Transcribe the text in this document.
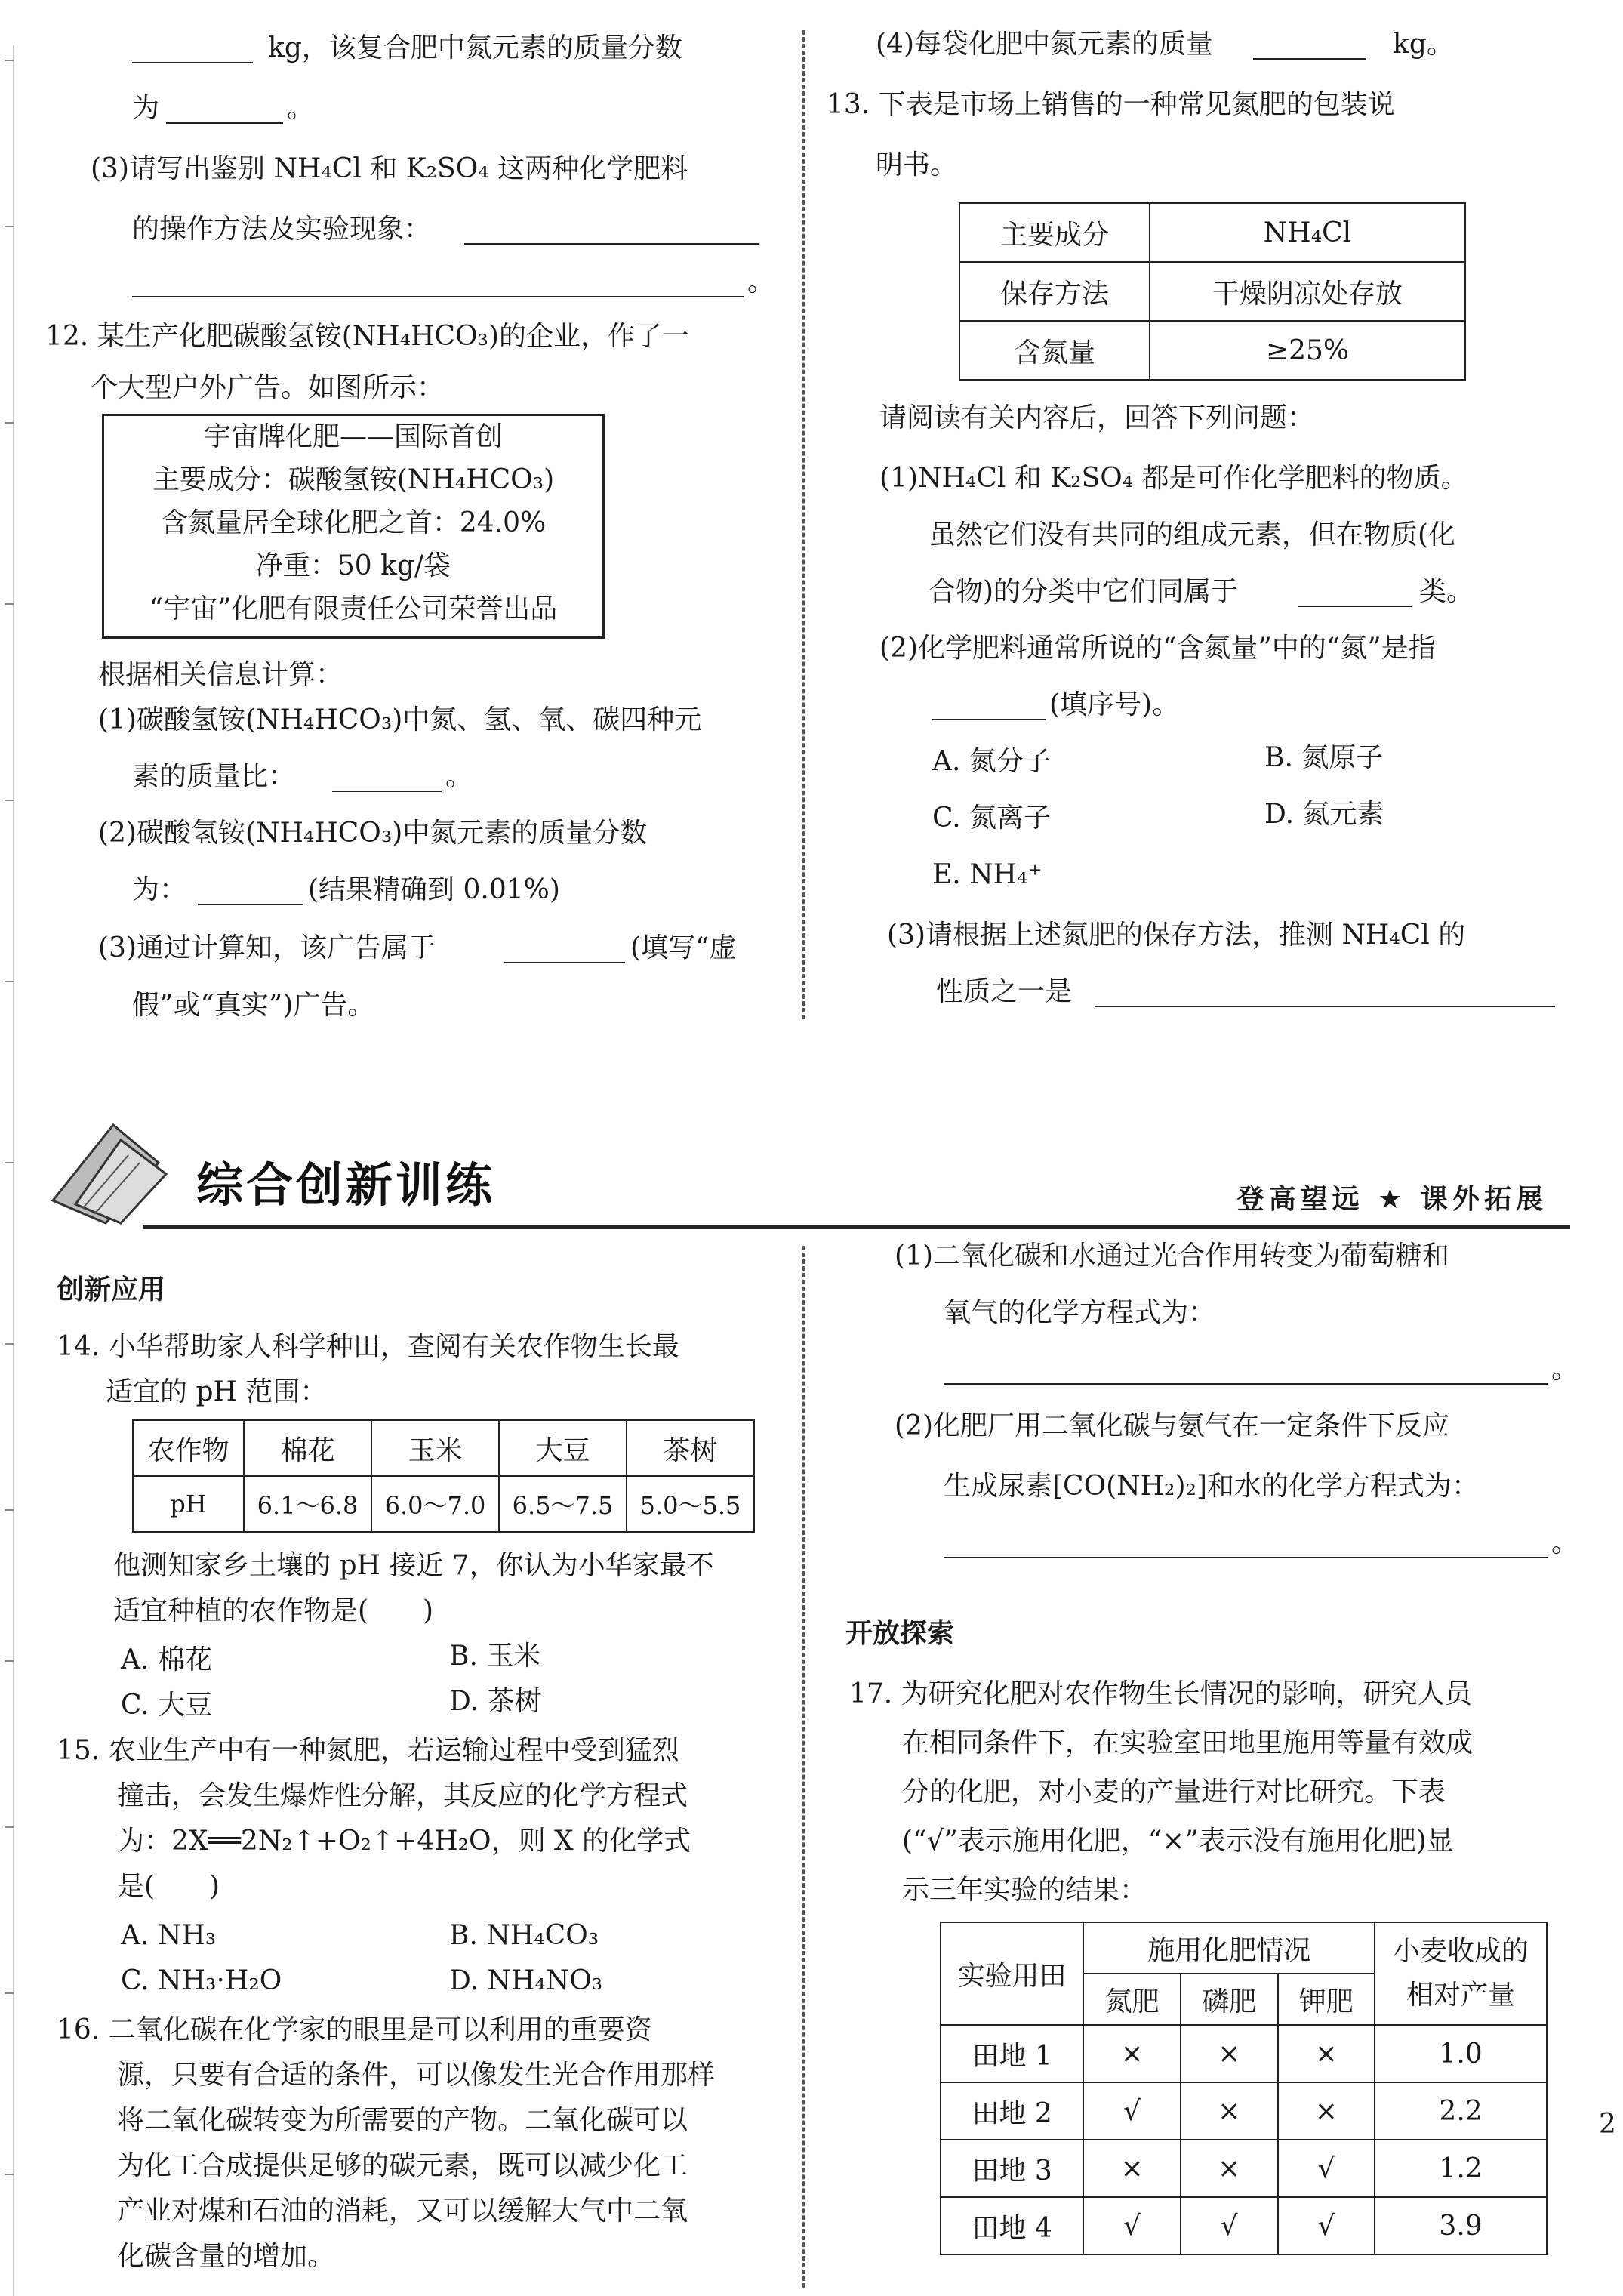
kg，该复合肥中氮元素的质量分数
为	。
(3)请写出鉴别 NH₄Cl 和 K₂SO₄ 这两种化学肥料
的操作方法及实验现象：
。
12. 某生产化肥碳酸氢铵(NH₄HCO₃)的企业，作了一
个大型户外广告。如图所示：
宇宙牌化肥——国际首创
主要成分：碳酸氢铵(NH₄HCO₃)
含氮量居全球化肥之首：24.0%
净重：50 kg/袋
“宇宙”化肥有限责任公司荣誉出品
根据相关信息计算：
(1)碳酸氢铵(NH₄HCO₃)中氮、氢、氧、碳四种元
素的质量比：	。
(2)碳酸氢铵(NH₄HCO₃)中氮元素的质量分数
为：	(结果精确到 0.01%)
(3)通过计算知，该广告属于	(填写“虚
假”或“真实”)广告。
(4)每袋化肥中氮元素的质量	kg。
13. 下表是市场上销售的一种常见氮肥的包装说
明书。
主要成分	NH₄Cl
保存方法	干燥阴凉处存放
含氮量	≥25%
请阅读有关内容后，回答下列问题：
(1)NH₄Cl 和 K₂SO₄ 都是可作化学肥料的物质。
虽然它们没有共同的组成元素，但在物质(化
合物)的分类中它们同属于	类。
(2)化学肥料通常所说的“含氮量”中的“氮”是指
(填序号)。
A. 氮分子	B. 氮原子
C. 氮离子	D. 氮元素
E. NH₄⁺
(3)请根据上述氮肥的保存方法，推测 NH₄Cl 的
性质之一是
综合创新训练	登高望远 ★ 课外拓展
创新应用
14. 小华帮助家人科学种田，查阅有关农作物生长最
适宜的 pH 范围：
农作物	棉花	玉米	大豆	茶树
pH	6.1～6.8	6.0～7.0	6.5～7.5	5.0～5.5
他测知家乡土壤的 pH 接近 7，你认为小华家最不
适宜种植的农作物是(　　)
A. 棉花	B. 玉米
C. 大豆	D. 茶树
15. 农业生产中有一种氮肥，若运输过程中受到猛烈
撞击，会发生爆炸性分解，其反应的化学方程式
为：2X══2N₂↑+O₂↑+4H₂O，则 X 的化学式
是(　　)
A. NH₃	B. NH₄CO₃
C. NH₃·H₂O	D. NH₄NO₃
16. 二氧化碳在化学家的眼里是可以利用的重要资
源，只要有合适的条件，可以像发生光合作用那样
将二氧化碳转变为所需要的产物。二氧化碳可以
为化工合成提供足够的碳元素，既可以减少化工
产业对煤和石油的消耗，又可以缓解大气中二氧
化碳含量的增加。
(1)二氧化碳和水通过光合作用转变为葡萄糖和
氧气的化学方程式为：
。
(2)化肥厂用二氧化碳与氨气在一定条件下反应
生成尿素[CO(NH₂)₂]和水的化学方程式为：
。
开放探索
17. 为研究化肥对农作物生长情况的影响，研究人员
在相同条件下，在实验室田地里施用等量有效成
分的化肥，对小麦的产量进行对比研究。下表
(“√”表示施用化肥，“×”表示没有施用化肥)显
示三年实验的结果：
实验用田	施用化肥情况			小麦收成的相对产量
	氮肥	磷肥	钾肥	
田地 1	×	×	×	1.0
田地 2	√	×	×	2.2
田地 3	×	×	√	1.2
田地 4	√	√	√	3.9
2
